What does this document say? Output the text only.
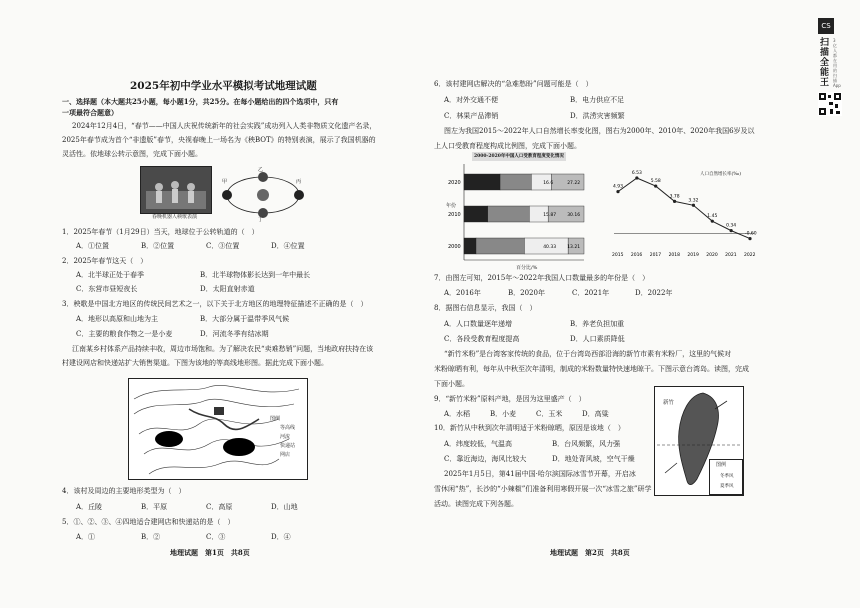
2025年初中学业水平模拟考试地理试题
一、选择题（本大题共25小题，每小题1分，共25分。在每小题给出的四个选项中，只有
一项最符合题意）
2024年12月4日，“春节——中国人庆祝传统新年的社会实践”成功列入人类非物质文化遗产名录，
2025年春节成为首个“非遗版”春节，央视春晚上一场名为《秧BOT》的特别表演，展示了我国机器的
灵活性。依地球公转示意图，完成下面小题。
春晚机器人秧歌表演
甲
乙
丙
丁
1．2025年春节（1月29日）当天，地球位于公转轨道的（　）
A．①位置	B．②位置	C．③位置	D．④位置
2．2025年春节这天（　）
A．北半球正处于春季	B．北半球物体影长达到一年中最长
C．东营市昼短夜长	D．太阳直射赤道
3．秧歌是中国北方地区的传统民间艺术之一，以下关于北方地区的地理特征描述不正确的是（　）
A．地形以高原和山地为主	B．大部分属于温带季风气候
C．主要的粮食作物之一是小麦	D．河流冬季有结冰期
江南某乡村体系产品持续丰收，周边市场饱和。为了解决农民“卖难愁销”问题，当地政府扶持在该
村建设网店和快递站扩大销售渠道。下图为该地的等高线地形图。据此完成下面小题。
图例
等高线
河流
快递站
网店
4．该村及周边的主要地形类型为（　）
A．丘陵	B．平原	C．高原	D．山地
5．①、②、③、④四地适合建网店和快递站的是（　）
A．①	B．②	C．③	D．④
地理试题　第1页　共8页
6．该村建网店解决的“急难愁盼”问题可能是（　）
A．对外交通不便	B．电力供应不足
C．林果产品滞销	D．洪涝灾害频繁
图左为我国2015～2022年人口自然增长率变化图，图右为2000年、2010年、2020年我国6岁及以
上人口受教育程度构成比例图，完成下面小题。
2000-2020年中国人口受教育程度变化情况
年份
百分比/%
2020	16.6	27.22
2010	15.87 30.16
2000	40.33 13.21
人口自然增长率(‰)
4.93
2015
6.53
2016
5.58
2017
3.78
2018
3.32
2019
1.45
2020
0.34
2021
-0.60
2022
7．由图左可知，2015年～2022年我国人口数量最多的年份是（　）
A．2016年	B．2020年	C．2021年	D．2022年
8．据图右信息显示，我国（　）
A．人口数量逐年递增	B．养老负担加重
C．各段受教育程度提高	D．人口素质降低
“新竹米粉”是台湾客家传统的食品，位于台湾岛西部沿海的新竹市素有米粉厂，这里的气候对
米粉晾晒有利，每年从中秋至次年清明，制成的米粉数量特快速地晾干。下图示意台湾岛。读图，完成
下面小题。
9．“新竹米粉”原料产地，是因为这里盛产（　）
A．水稻	B．小麦	C．玉米	D．高粱
10．新竹从中秋到次年清明适于米粉晾晒，原因是该地（　）
A．纬度较低，气温高	B．台风频繁，风力强
C．靠近海边，海风比较大	D．地处背风坡，空气干燥
2025年1月5日，第41届中国·哈尔滨国际冰雪节开幕，开启冰
雪休闲“热”，长沙的“小辣椒”们准备利用寒假开展一次“冰雪之旅”研学
活动。读图完成下列各题。
新竹
图例
冬季风
夏季风
地理试题　第2页　共8页
CS
扫描全能王
3亿人都在用的扫描App
